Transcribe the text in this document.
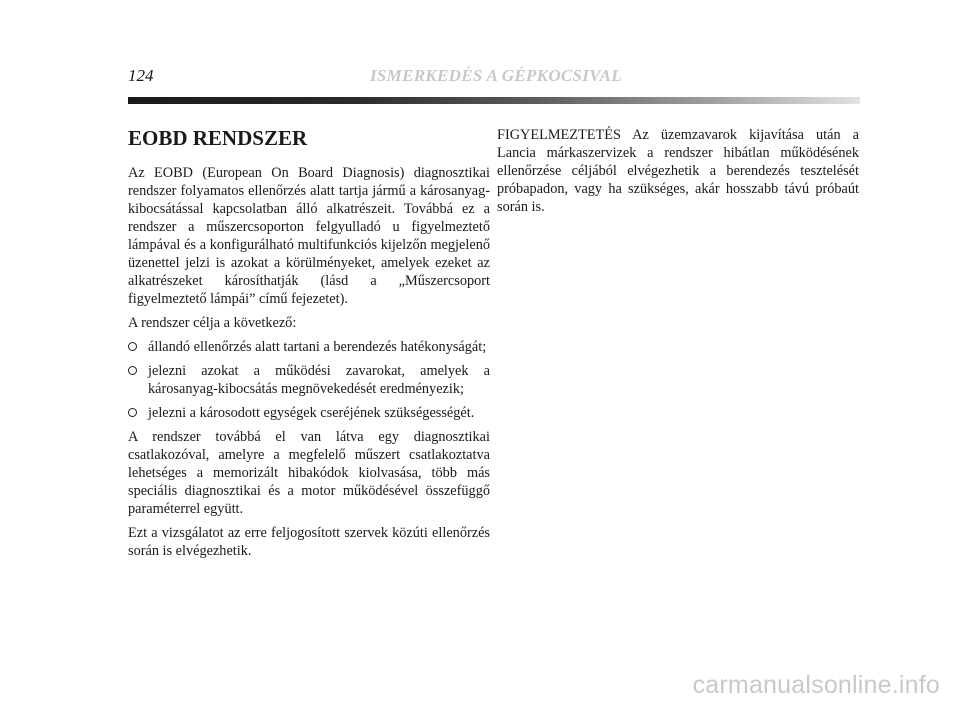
124	ISMERKEDÉS A GÉPKOCSIVAL
EOBD RENDSZER

Az EOBD (European On Board Diagnosis) diagnosztikai rendszer folyamatos ellenőrzés alatt tartja jármű a károsanyag-kibocsátással kapcsolatban álló alkatrészeit. Továbbá ez a rendszer a műszercsoporton felgyulladó u figyelmeztető lámpával és a konfigurálható multifunkciós kijelzőn megjelenő üzenettel jelzi is azokat a körülményeket, amelyek ezeket az alkatrészeket károsíthatják (lásd a „Műszercsoport figyelmeztető lámpái” című fejezetet).

A rendszer célja a következő:

állandó ellenőrzés alatt tartani a berendezés hatékonyságát;
jelezni azokat a működési zavarokat, amelyek a károsanyag-kibocsátás megnövekedését eredményezik;
jelezni a károsodott egységek cseréjének szükségességét.

A rendszer továbbá el van látva egy diagnosztikai csatlakozóval, amelyre a megfelelő műszert csatlakoztatva lehetséges a memorizált hibakódok kiolvasása, több más speciális diagnosztikai és a motor működésével összefüggő paraméterrel együtt.

Ezt a vizsgálatot az erre feljogosított szervek közúti ellenőrzés során is elvégezhetik.

FIGYELMEZTETÉS Az üzemzavarok kijavítása után a Lancia márkaszervizek a rendszer hibátlan működésének ellenőrzése céljából elvégezhetik a berendezés tesztelését próbapadon, vagy ha szükséges, akár hosszabb távú próbaút során is.

carmanualsonline.info
